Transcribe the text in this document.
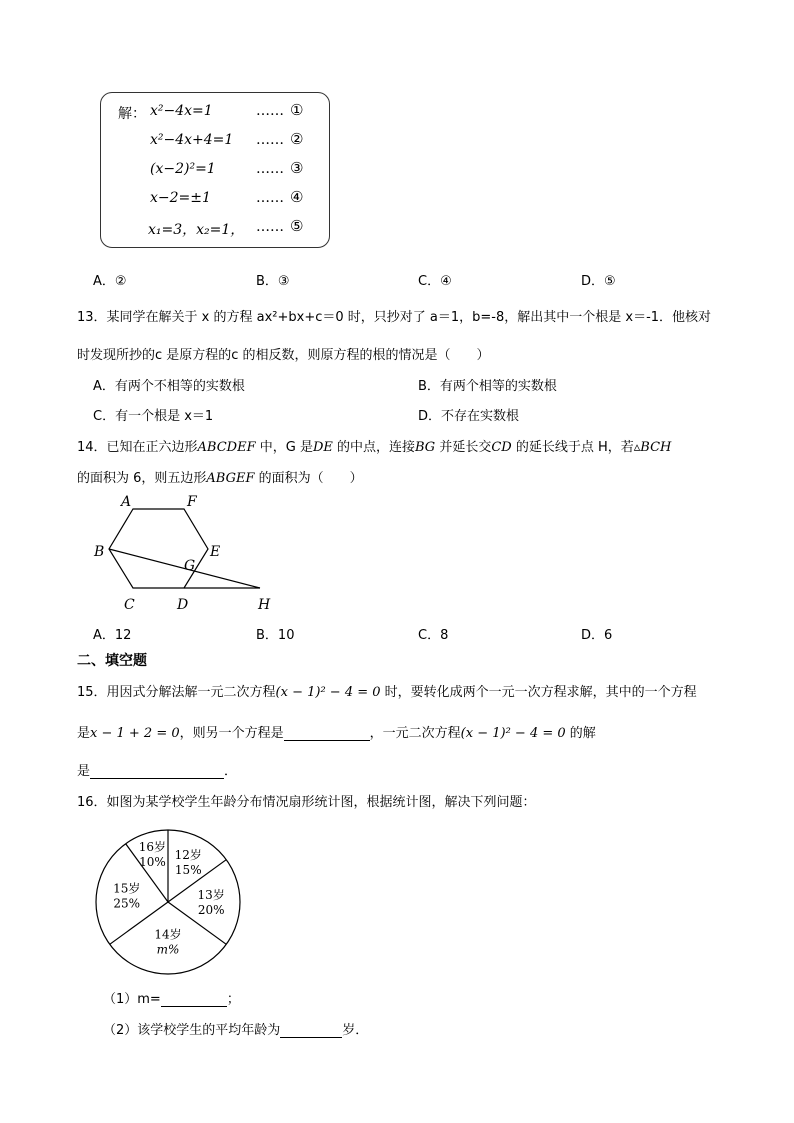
解： x²−4x=1	…… ①
x²−4x+4=1 …… ②
(x−2)²=1	…… ③
x−2=±1	…… ④
x₁=3，x₂=1， …… ⑤
A．②	B．③	C．④	D．⑤
13．某同学在解关于 x 的方程 ax²+bx+c＝0 时，只抄对了 a＝1，b=-8，解出其中一个根是 x＝-1．他核对
时发现所抄的c 是原方程的c 的相反数，则原方程的根的情况是（　　）
A．有两个不相等的实数根	B．有两个相等的实数根
C．有一个根是 x＝1	D．不存在实数根
14．已知在正六边形ABCDEF 中，G 是DE 的中点，连接BG 并延长交CD 的延长线于点 H，若▵BCH
的面积为 6，则五边形ABGEF 的面积为（　　）
A	F
B	E
G
C	D	H
A．12	B．10	C．8	D．6
二、填空题
15．用因式分解法解一元二次方程(x − 1)² − 4 = 0 时，要转化成两个一元一次方程求解，其中的一个方程
是x − 1 + 2 = 0，则另一个方程是	，一元二次方程(x − 1)² − 4 = 0 的解
是	．
16．如图为某学校学生年龄分布情况扇形统计图，根据统计图，解决下列问题：
12岁
15%
13岁
20%
14岁
m%
15岁
25%
16岁
10%
（1）m=	；
（2）该学校学生的平均年龄为	岁．
